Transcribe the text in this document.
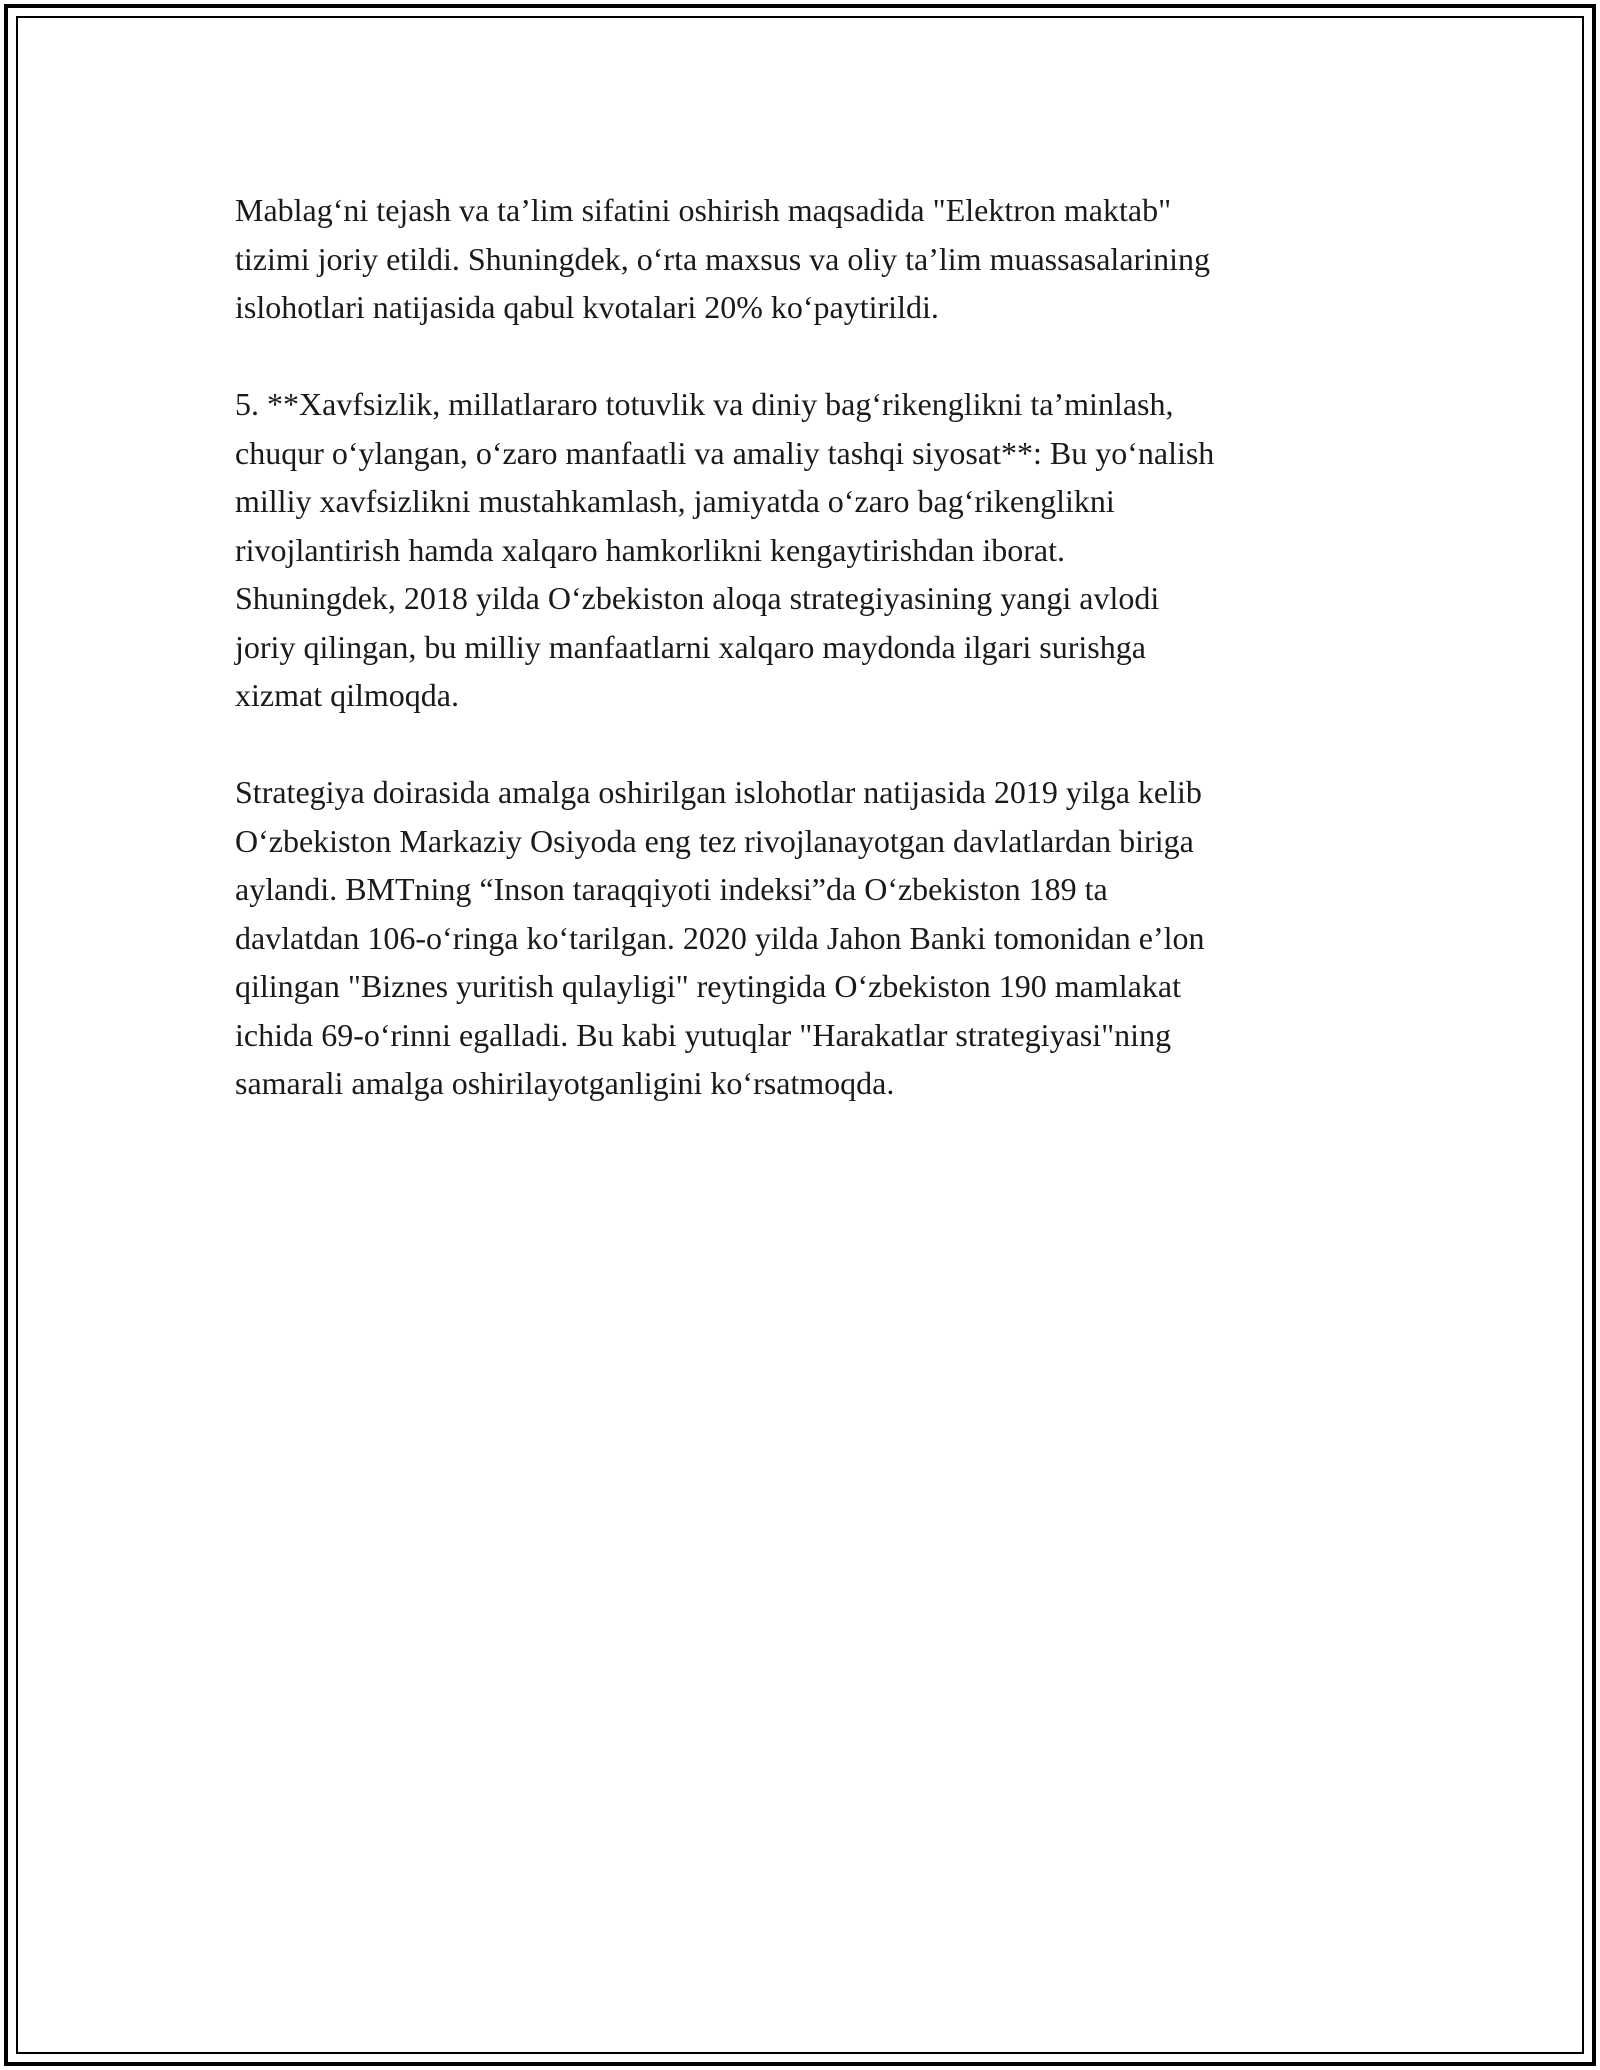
Mablag‘ni tejash va ta’lim sifatini oshirish maqsadida "Elektron maktab"
tizimi joriy etildi. Shuningdek, o‘rta maxsus va oliy ta’lim muassasalarining
islohotlari natijasida qabul kvotalari 20% ko‘paytirildi.

5. **Xavfsizlik, millatlararo totuvlik va diniy bag‘rikenglikni ta’minlash,
chuqur o‘ylangan, o‘zaro manfaatli va amaliy tashqi siyosat**: Bu yo‘nalish
milliy xavfsizlikni mustahkamlash, jamiyatda o‘zaro bag‘rikenglikni
rivojlantirish hamda xalqaro hamkorlikni kengaytirishdan iborat.
Shuningdek, 2018 yilda O‘zbekiston aloqa strategiyasining yangi avlodi
joriy qilingan, bu milliy manfaatlarni xalqaro maydonda ilgari surishga
xizmat qilmoqda.

Strategiya doirasida amalga oshirilgan islohotlar natijasida 2019 yilga kelib
O‘zbekiston Markaziy Osiyoda eng tez rivojlanayotgan davlatlardan biriga
aylandi. BMTning “Inson taraqqiyoti indeksi”da O‘zbekiston 189 ta
davlatdan 106-o‘ringa ko‘tarilgan. 2020 yilda Jahon Banki tomonidan e’lon
qilingan "Biznes yuritish qulayligi" reytingida O‘zbekiston 190 mamlakat
ichida 69-o‘rinni egalladi. Bu kabi yutuqlar "Harakatlar strategiyasi"ning
samarali amalga oshirilayotganligini ko‘rsatmoqda.
